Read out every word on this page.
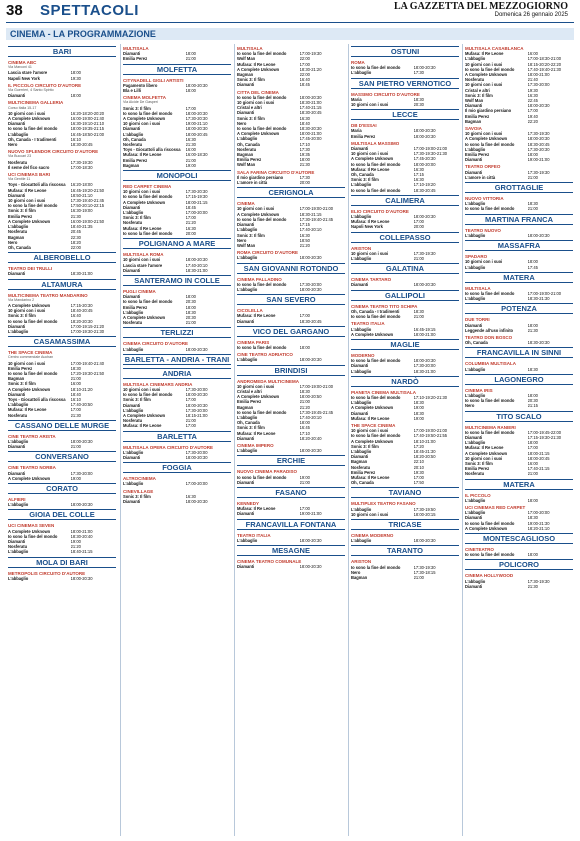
38 SPETTACOLI	LA GAZZETTA DEL MEZZOGIORNO
Domenica 26 gennaio 2025
CINEMA - LA PROGRAMMAZIONE
BARI
CINEMA ABC
Via Marconi 41
Lascia stare l'amore	18:00
Napoli New York	19:30
IL PICCOLO CIRCUITO D'AUTORE
Via Guerrieri, 4 Santo Spirito
Diamanti	18:00
MULTICINEMA GALLERIA
Corso Italia 15-17
10 giorni con i suoi	16:20-18:20-20:20
A Complete Unknown	16:00-19:00-21:40
Diamanti	16:30-19:10-21:10
Io sono la fine del mondo	18:00-19:35-21:15
L'abbaglio	16:45-18:50-21:00
Oh, Canada - I tradimenti	16:10
Nero	18:30-20:45
NUOVO SPLENDOR CIRCUITO D'AUTORE
Via Buccari 23
Nosferatu	17:30-19:30
Il seme del fico sacro	17:00-18:30
UCI CINEMAS BARI
Via Gentile 11
Toys - Giocattoli alla riscossa	16:20-18:00
Mufasa: Il Re Leone	16:45-19:20-21:50
Diamanti	18:50-21:10
10 giorni con i suoi	17:30-19:40-21:45
Io sono la fine del mondo	17:50-20:10-22:15
Sonic 3: Il film	16:30-19:00
Emilia Perez	21:30
A Complete Unknown	16:00-19:00-21:50
L'abbaglio	18:40-21:35
Nosferatu	20:45
Bagman	22:30
Nero	18:20
Oh, Canada	22:00
ALBEROBELLO
TEATRO DEI TRULLI
Diamanti	18:30-21:00
ALTAMURA
MULTICINEMA TEATRO MANDARINO
Via Mandarino 2
A Complete Unknown	17:15-20:30
10 giorni con i suoi	18:40-20:45
Sonic 3: Il film	16:40
Io sono la fine del mondo	18:20-20:30
Diamanti	17:00-19:15-21:20
L'abbaglio	17:00-19:30-21:30
CASAMASSIMA
THE SPACE CINEMA
Centro commerciale Auchan
10 giorni con i suoi	17:00-19:40-21:40
Emilia Perez	18:30
Io sono la fine del mondo	17:20-19:30-21:50
Bagman	21:00
Sonic 3: Il film	16:00
A Complete Unknown	18:10-21:20
Diamanti	18:40
Toys - Giocattoli alla riscossa	16:10
L'abbaglio	17:40-20:50
Mufasa: Il Re Leone	17:00
Nosferatu	21:30
CASSANO DELLE MURGE
CINE TEATRO ARISTA
L'abbaglio	18:00-20:30
Diamanti	21:00
CONVERSANO
CINE TEATRO NORBA
Diamanti	17:30-20:00
A Complete Unknown	19:00
CORATO
ALFIERI
L'abbaglio	18:00-20:30
GIOIA DEL COLLE
UCI CINEMAS SEVEN
A Complete Unknown	18:00-21:00
Io sono la fine del mondo	18:30-20:40
Diamanti	19:00
Nosferatu	21:20
L'abbaglio	18:40-21:15
MOLA DI BARI
METROPOLIS CIRCUITO D'AUTORE
L'abbaglio	18:00-20:30
MULTISALA
Diamanti	18:00
Emilia Perez	21:00
MOLFETTA
CITYNADELL GIGLI ARTISTI
Pagamento libero	18:00-20:30
Bla e Lilli	18:00
CINEMA MOLFETTA
Via Alcide De Gasperi
Sonic 3: Il film	17:00
Io sono la fine del mondo	18:00-20:30
A Complete Unknown	17:30-20:30
10 giorni con i suoi	19:00-21:10
Diamanti	18:00-20:30
L'abbaglio	18:00-20:45
Oh, Canada	16:30
Nosferatu	21:30
Toys - Giocattoli alla riscossa	16:00
Mufasa: Il Re Leone	16:00-18:30
Emilia Perez	21:00
Bagman	19:00
MONOPOLI
RED CARPET CINEMA
10 giorni con i suoi	17:30-20:30
Io sono la fine del mondo	17:15-19:30
A Complete Unknown	18:00-21:15
Diamanti	18:45
L'abbaglio	17:00-20:00
Sonic 3: Il film	17:00
Nosferatu	21:20
Mufasa: Il Re Leone	16:30
Io sono la fine del mondo	20:00
POLIGNANO A MARE
MULTISALA ROMA
10 giorni con i suoi	18:00-20:30
Lascia stare l'amore	17:40-20:10
Diamanti	18:30-21:00
SANTERAMO IN COLLE
PUGLI CINEMA
Diamanti	18:00
Io sono la fine del mondo	20:30
Emilia Perez	18:00
L'abbaglio	18:30
A Complete Unknown	20:30
Nosferatu	21:00
TERLIZZI
CINEMA CIRCUITO D'AUTORE
L'abbaglio	18:00-20:30
BARLETTA - ANDRIA - TRANI
ANDRIA
MULTISALA CINEMARS ANDRIA
10 giorni con i suoi	17:30-20:00
Io sono la fine del mondo	18:00-20:30
Sonic 3: Il film	17:00
Diamanti	18:00-20:30
L'abbaglio	17:30-20:00
A Complete Unknown	18:15-21:00
Nosferatu	21:00
Mufasa: Il Re Leone	17:00
BARLETTA
MULTISALA OPERA CIRCUITO D'AUTORE
L'abbaglio	17:30-20:00
Diamanti	18:00-20:30
FOGGIA
ALTROCINEMA
L'abbaglio	17:00-20:00
CINEVILLAGE
Sonic 3: Il film	16:30
Diamanti	18:00-20:30
MULTISALA
Io sono la fine del mondo	17:00-19:30
Wolf Man	22:00
Mufasa: Il Re Leone	17:00
A Complete Unknown	18:30-21:20
Bagman	22:00
Sonic 3: Il film	16:40
Diamanti	18:45
CITTA DEL CINEMA
Io sono la fine del mondo	18:00-20:30
10 giorni con i suoi	18:30-21:00
Cristal e altri	17:40-21:15
Diamanti	18:30-20:45
Sonic 3: Il film	16:30
Nero	18:40
Io sono la fine del mondo	18:30-20:30
A Complete Unknown	18:00-21:00
L'abbaglio	17:45-20:00
Oh, Canada	17:10
Nosferatu	17:30
Bagman	19:35
Emilia Perez	18:00
Wolf Man	21:30
SALA FARINA CIRCUITO D'AUTORE
Il mio giardino persiano	17:30
L'amore in città	20:00
CERIGNOLA
CINEMA
10 giorni con i suoi	17:00-19:00-21:00
A Complete Unknown	18:30-21:15
Io sono la fine del mondo	17:30-19:40-21:45
Diamanti	17:15
L'abbaglio	17:40-20:10
Sonic 3: Il film	16:30
Nero	18:50
Wolf Man	21:20
ROMA CIRCUITO D'AUTORE
L'abbaglio	18:00-20:30
SAN GIOVANNI ROTONDO
CINEMA PALLADINO
Io sono la fine del mondo	17:30-20:00
L'abbaglio	18:00-20:30
SAN SEVERO
CICOLELLA
Mufasa: Il Re Leone	17:00
Diamanti	18:30-20:45
VICO DEL GARGANO
CINEMA PARIS
Io sono la fine del mondo	18:00
CINE TEATRO ADRIATICO
L'abbaglio	18:00-20:30
BRINDISI
ANDROMEDA MULTICINEMA
10 giorni con i suoi	17:00-19:00-21:00
Cristal e altri	18:30
A Complete Unknown	18:00-20:50
Emilia Perez	21:00
Bagman	21:20
Io sono la fine del mondo	17:30-19:45-21:45
L'abbaglio	17:40-20:10
Oh, Canada	18:00
Sonic 3: Il film	16:45
Mufasa: Il Re Leone	17:10
Diamanti	18:20-20:40
CINEMA IMPERO
L'abbaglio	18:00-20:30
ERCHIE
NUOVO CINEMA PARADISO
Io sono la fine del mondo	19:00
Diamanti	21:00
FASANO
KENNEDY
Mufasa: Il Re Leone	17:00
Diamanti	19:00-21:00
FRANCAVILLA FONTANA
TEATRO ITALIA
L'abbaglio	18:00-20:30
MESAGNE
CINEMA TEATRO COMUNALE
Diamanti	18:00-20:30
OSTUNI
ROMA
Io sono la fine del mondo	18:00-20:30
L'abbaglio	17:30
SAN PIETRO VERNOTICO
MASSIMO CIRCUITO D'AUTORE
Maria	18:30
10 giorni con i suoi	20:30
LECCE
DB D'ESSAI
Maria	18:00-20:30
Emilia Perez	18:00-20:30
MULTISALA MASSIMO
Diamanti	17:00-19:00-21:00
10 giorni con i suoi	17:30-19:30-21:30
A Complete Unknown	17:45-20:30
Io sono la fine del mondo	18:00-20:00
Mufasa: Il Re Leone	16:30
Oh, Canada	17:15
Sonic 3: Il film	16:30
L'abbaglio	17:10-19:20
Io sono la fine del mondo	18:30-20:45
CALIMERA
ELIO CIRCUITO D'AUTORE
L'abbaglio	18:00-20:30
Mufasa: Il Re Leone	17:00
Napoli New York	20:00
COLLEPASSO
ARISTON
10 giorni con i suoi	17:30-19:30
L'abbaglio	21:00
GALATINA
CINEMA TARTARO
Diamanti	18:00-20:30
GALLIPOLI
CINEMA TEATRO TITO SCHIPA
Oh, Canada - I tradimenti	18:30
Io sono la fine del mondo	21:00
TEATRO ITALIA
L'abbaglio	16:45-19:15
A Complete Unknown	18:00-21:00
MAGLIE
MODERNO
Io sono la fine del mondo	18:00-20:30
Diamanti	17:30-20:00
L'abbaglio	18:30-21:00
NARDÒ
PIANETA CINEMA MULTISALA
Io sono la fine del mondo	17:10-19:20-21:30
L'abbaglio	18:30
A Complete Unknown	19:00
Diamanti	18:30
Mufasa: Il Re Leone	19:00
THE SPACE CINEMA
10 giorni con i suoi	17:00-19:00-21:00
Io sono la fine del mondo	17:40-19:50-21:55
A Complete Unknown	18:10-21:00
Sonic 3: Il film	17:20
L'abbaglio	18:45-21:30
Diamanti	18:20-20:50
Bagman	22:10
Nosferatu	20:10
Emilia Perez	19:30
Mufasa: Il Re Leone	17:00
Oh, Canada	17:50
TAVIANO
MULTIPLEX TEATRO FASANO
L'abbaglio	17:30-19:50
10 giorni con i suoi	18:00-20:15
TRICASE
CINEMA MODERNO
L'abbaglio	18:00-20:30
TARANTO
ARISTON
Io sono la fine del mondo	17:30-19:30
Nero	17:30-18:15
Bagman	21:00
MULTISALA CASABLANCA
Mufasa: Il Re Leone	16:00
L'abbaglio	17:00-18:30-21:00
10 giorni con i suoi	18:15-20:20-22:20
Io sono la fine del mondo	17:40-19:40-21:30
A Complete Unknown	18:00-21:00
Nosferatu	21:40
10 giorni con i suoi	17:30-20:00
Cristal e altri	19:30
Sonic 3: Il film	16:30
Wolf Man	22:45
Diamanti	18:00-20:30
Il mio giardino persiano	17:00
Emilia Perez	19:40
Bagman	22:20
SAVOIA
10 giorni con i suoi	17:30-19:30
A Complete Unknown	18:00-20:30
Io sono la fine del mondo	18:30-20:45
L'abbaglio	17:30-20:30
Emilia Perez	18:00
Diamanti	19:00-21:00
TEATRO ORFEO
Diamanti	17:30-19:30
L'amore in città	21:00
GROTTAGLIE
NUOVO VITTORIA
L'abbaglio	18:30
Io sono la fine del mondo	21:00
MARTINA FRANCA
TEATRO NUOVO
L'abbaglio	18:00-20:30
MASSAFRA
SPADARO
10 giorni con i suoi	18:00
L'abbaglio	17:45
MATERA
MULTISALA
Io sono la fine del mondo	17:00-19:00-21:00
L'abbaglio	18:30-21:30
POTENZA
DUE TORRI
Diamanti	18:00
Leggende all'uso infinito	21:30
TEATRO DON BOSCO
Oh, Canada	18:30-20:30
FRANCAVILLA IN SINNI
COLUMBIA MULTISALA
L'abbaglio	18:30
LAGONEGRO
CINEMA IRIS
L'abbaglio	18:00
Io sono la fine del mondo	20:30
Nero	21:15
TITO SCALO
MULTICINEMA RANIERI
Io sono la fine del mondo	17:00-19:45-22:00
Diamanti	17:15-19:30-21:30
L'abbaglio	18:00
Mufasa: Il Re Leone	17:00
A Complete Unknown	18:00-21:15
10 giorni con i suoi	18:00-20:45
Sonic 3: Il film	16:00
Emilia Perez	17:40-21:15
Nosferatu	21:00
MATERA
IL PICCOLO
L'abbaglio	18:00
UCI CINEMAS RED CARPET
L'abbaglio	17:00-20:00
Diamanti	18:30
Io sono la fine del mondo	19:00-21:30
A Complete Unknown	18:20-21:10
MONTESCAGLIOSO
CINETEATRO
Io sono la fine del mondo	18:00
POLICORO
CINEMA HOLLYWOOD
L'abbaglio	17:30-19:30
Diamanti	21:30
